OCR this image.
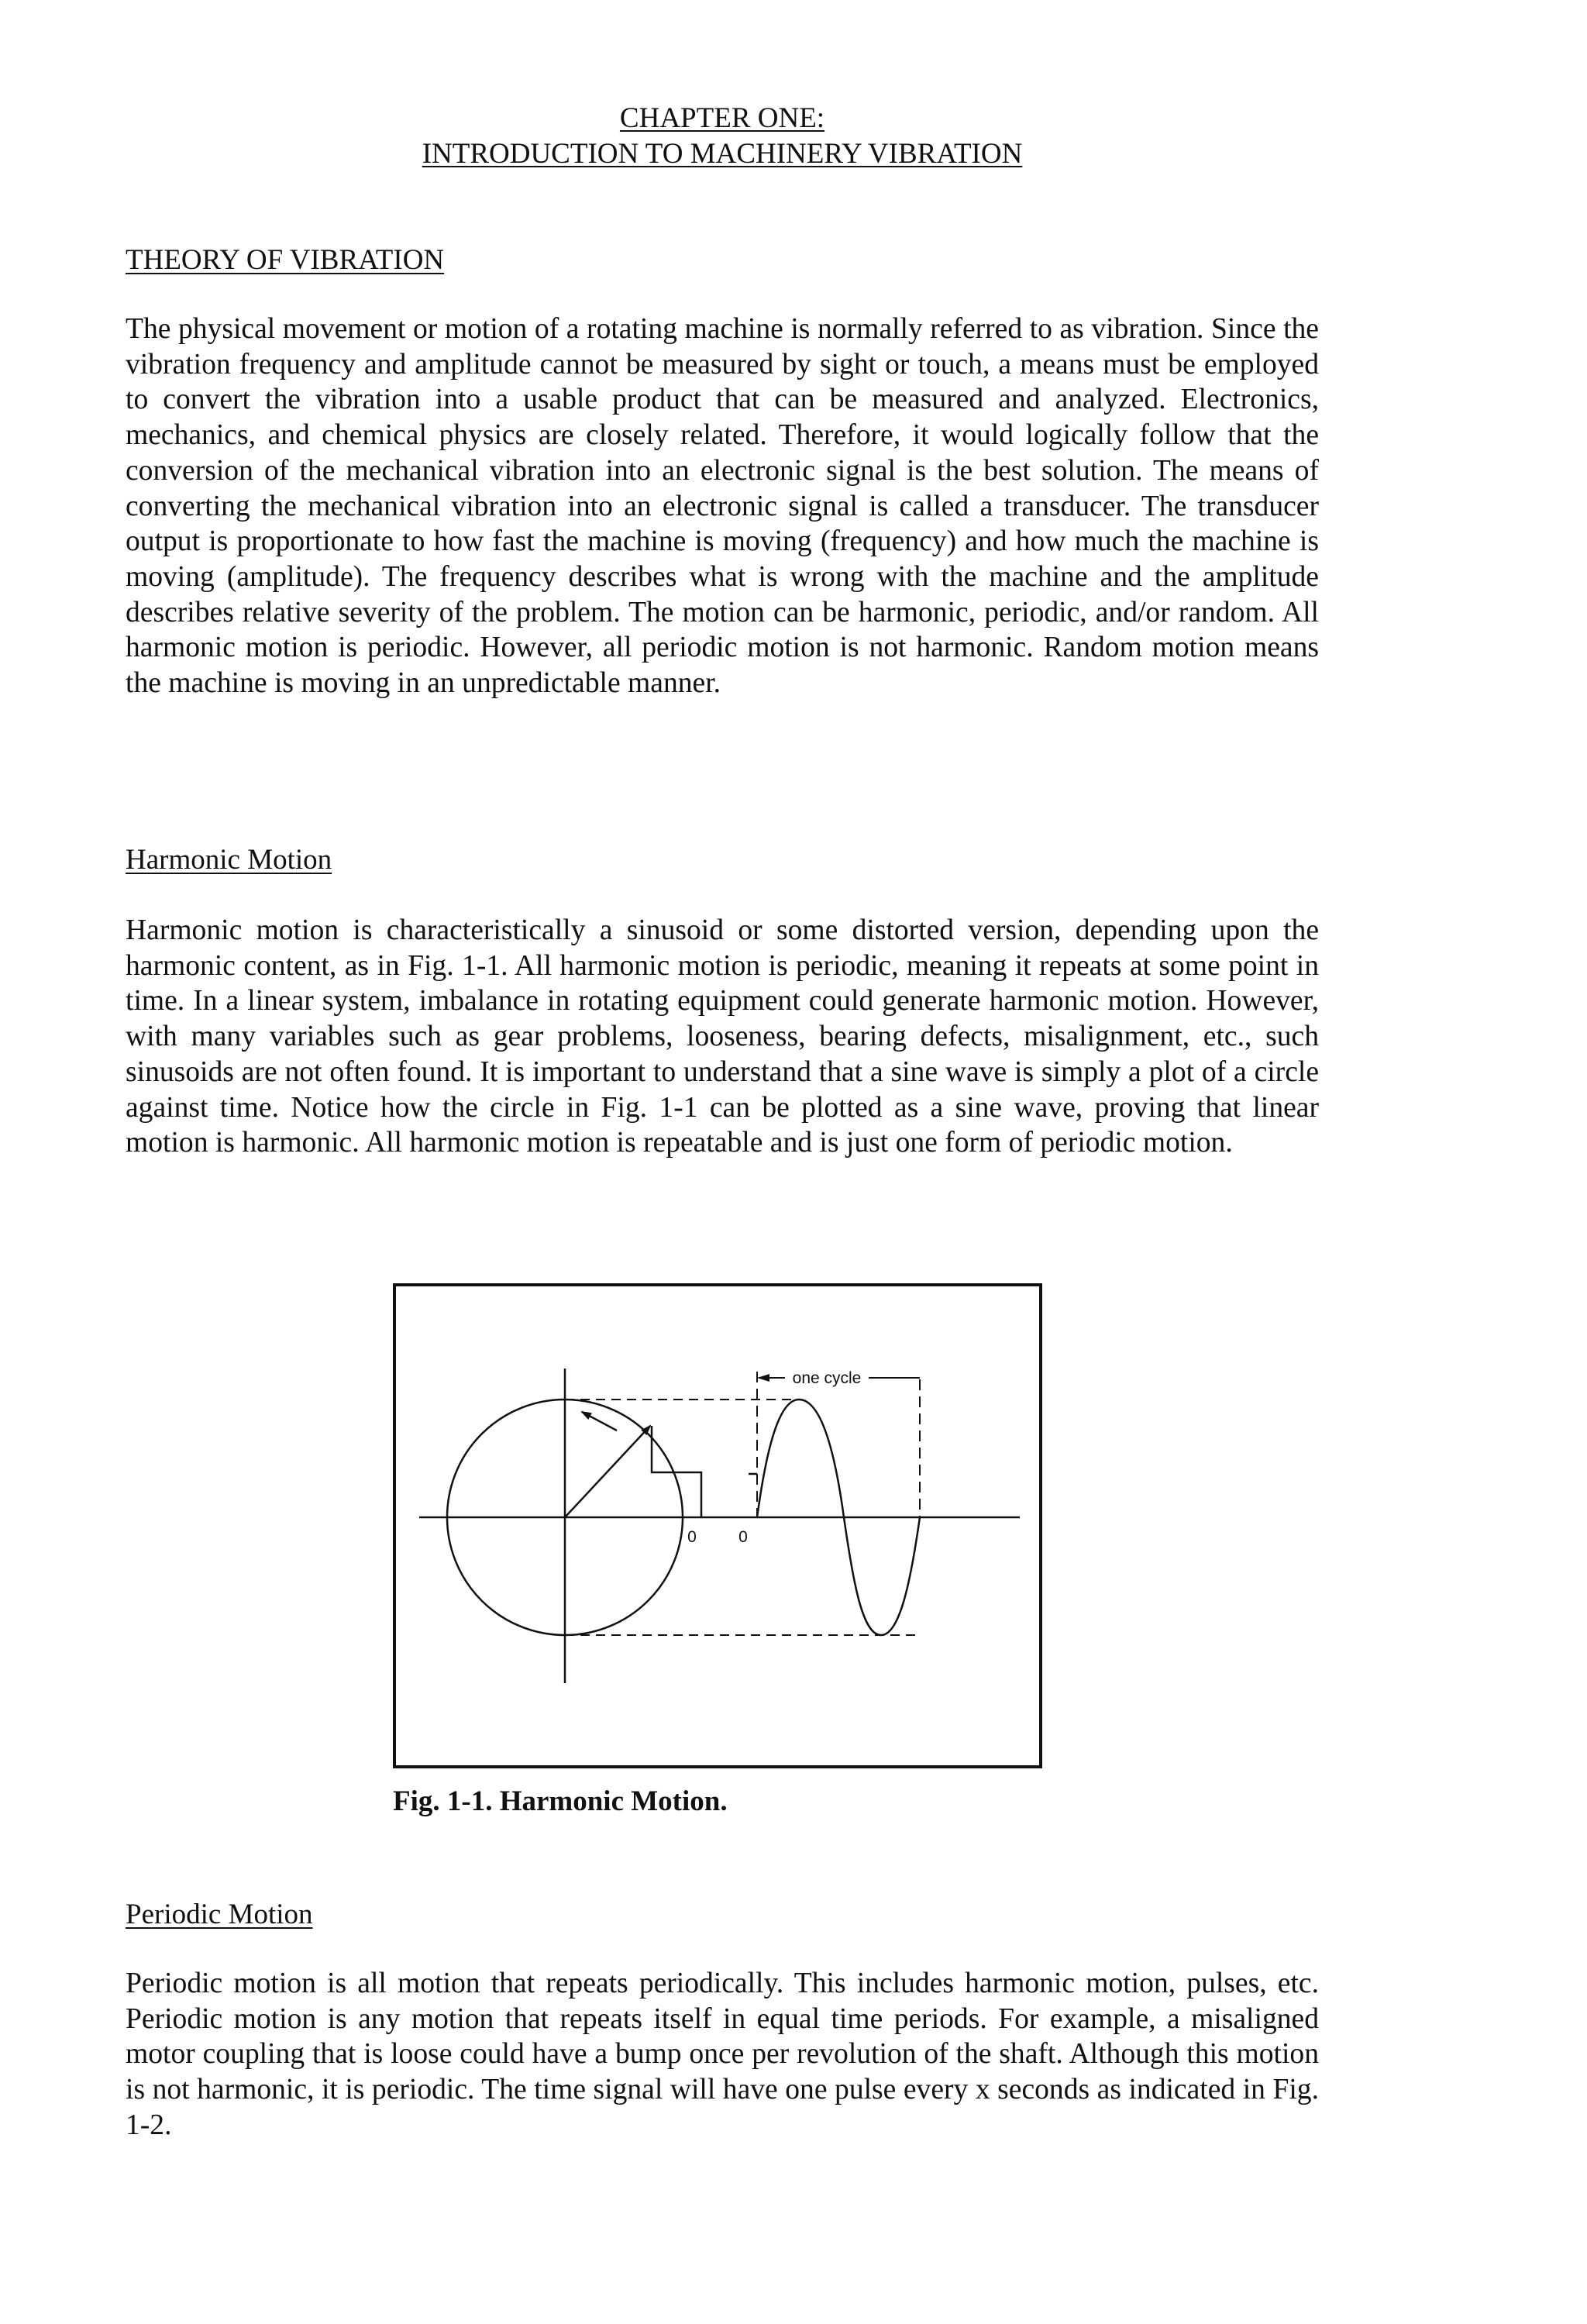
CHAPTER ONE:
INTRODUCTION TO MACHINERY VIBRATION
THEORY OF VIBRATION

The physical movement or motion of a rotating machine is normally referred to as vibration. Since the vibration frequency and amplitude cannot be measured by sight or touch, a means must be employed to convert the vibration into a usable product that can be measured and analyzed. Electronics, mechanics, and chemical physics are closely related. Therefore, it would logically follow that the conversion of the mechanical vibration into an electronic signal is the best solution. The means of converting the mechanical vibration into an electronic signal is called a transducer. The transducer output is proportionate to how fast the machine is moving (frequency) and how much the machine is moving (amplitude). The frequency describes what is wrong with the machine and the amplitude describes relative severity of the problem. The motion can be harmonic, periodic, and/or random. All harmonic motion is periodic. However, all periodic motion is not harmonic. Random motion means the machine is moving in an unpredictable manner.

Harmonic Motion

Harmonic motion is characteristically a sinusoid or some distorted version, depending upon the harmonic content, as in Fig. 1-1. All harmonic motion is periodic, meaning it repeats at some point in time. In a linear system, imbalance in rotating equipment could generate harmonic motion. However, with many variables such as gear problems, looseness, bearing defects, misalignment, etc., such sinusoids are not often found. It is important to understand that a sine wave is simply a plot of a circle against time. Notice how the circle in Fig. 1-1 can be plotted as a sine wave, proving that linear motion is harmonic. All harmonic motion is repeatable and is just one form of periodic motion.

one cycle
0	0
Fig. 1-1. Harmonic Motion.
Periodic Motion

Periodic motion is all motion that repeats periodically. This includes harmonic motion, pulses, etc. Periodic motion is any motion that repeats itself in equal time periods. For example, a misaligned motor coupling that is loose could have a bump once per revolution of the shaft. Although this motion is not harmonic, it is periodic. The time signal will have one pulse every x seconds as indicated in Fig. 1-2.
